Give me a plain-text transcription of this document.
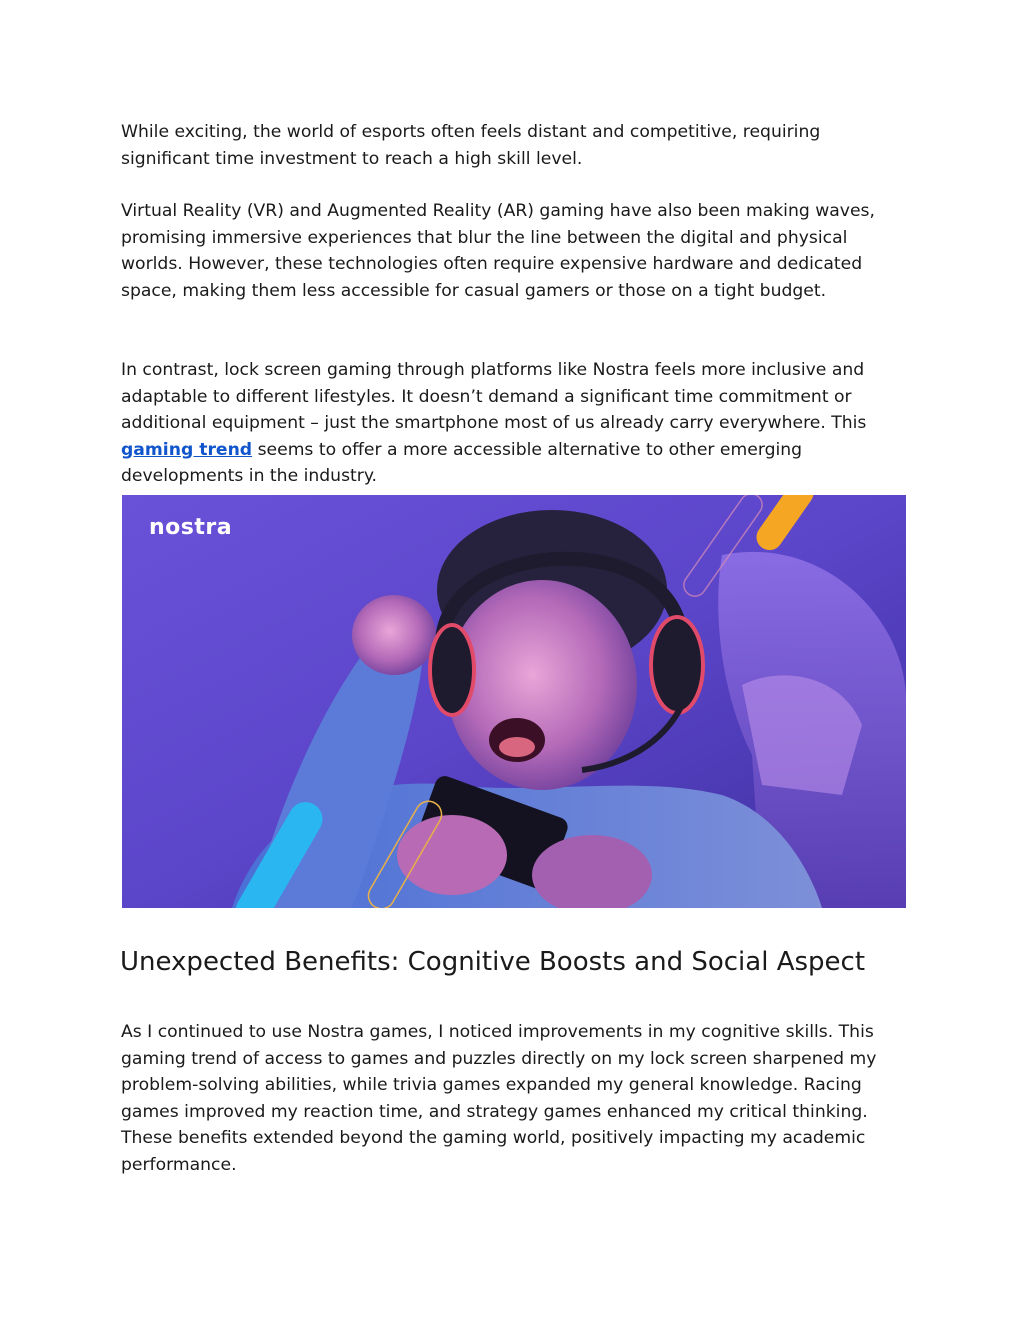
While exciting, the world of esports often feels distant and competitive, requiring significant time investment to reach a high skill level.

Virtual Reality (VR) and Augmented Reality (AR) gaming have also been making waves, promising immersive experiences that blur the line between the digital and physical worlds. However, these technologies often require expensive hardware and dedicated space, making them less accessible for casual gamers or those on a tight budget.

In contrast, lock screen gaming through platforms like Nostra feels more inclusive and adaptable to different lifestyles. It doesn’t demand a significant time commitment or additional equipment – just the smartphone most of us already carry everywhere. This gaming trend seems to offer a more accessible alternative to other emerging developments in the industry.

nostra
Unexpected Benefits: Cognitive Boosts and Social Aspect

As I continued to use Nostra games, I noticed improvements in my cognitive skills. This gaming trend of access to games and puzzles directly on my lock screen sharpened my problem-solving abilities, while trivia games expanded my general knowledge. Racing games improved my reaction time, and strategy games enhanced my critical thinking. These benefits extended beyond the gaming world, positively impacting my academic performance.
